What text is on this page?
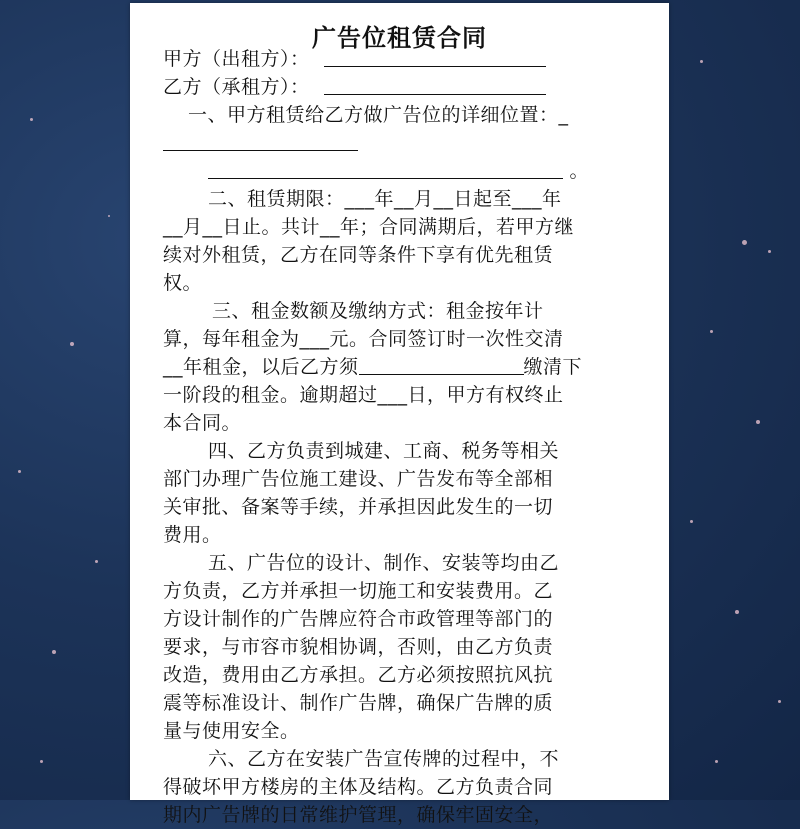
广告位租赁合同
甲方（出租方）：
乙方（承租方）：
一、甲方租赁给乙方做广告位的详细位置：_
。
二、租赁期限：___年__月__日起至___年
__月__日止。共计__年；合同满期后，若甲方继
续对外租赁，乙方在同等条件下享有优先租赁
权。
三、租金数额及缴纳方式：租金按年计
算，每年租金为___元。合同签订时一次性交清
__年租金，以后乙方须	缴清下
一阶段的租金。逾期超过___日，甲方有权终止
本合同。
四、乙方负责到城建、工商、税务等相关
部门办理广告位施工建设、广告发布等全部相
关审批、备案等手续，并承担因此发生的一切
费用。
五、广告位的设计、制作、安装等均由乙
方负责，乙方并承担一切施工和安装费用。乙
方设计制作的广告牌应符合市政管理等部门的
要求，与市容市貌相协调，否则，由乙方负责
改造，费用由乙方承担。乙方必须按照抗风抗
震等标准设计、制作广告牌，确保广告牌的质
量与使用安全。
六、乙方在安装广告宣传牌的过程中，不
得破坏甲方楼房的主体及结构。乙方负责合同
期内广告牌的日常维护管理，确保牢固安全，
